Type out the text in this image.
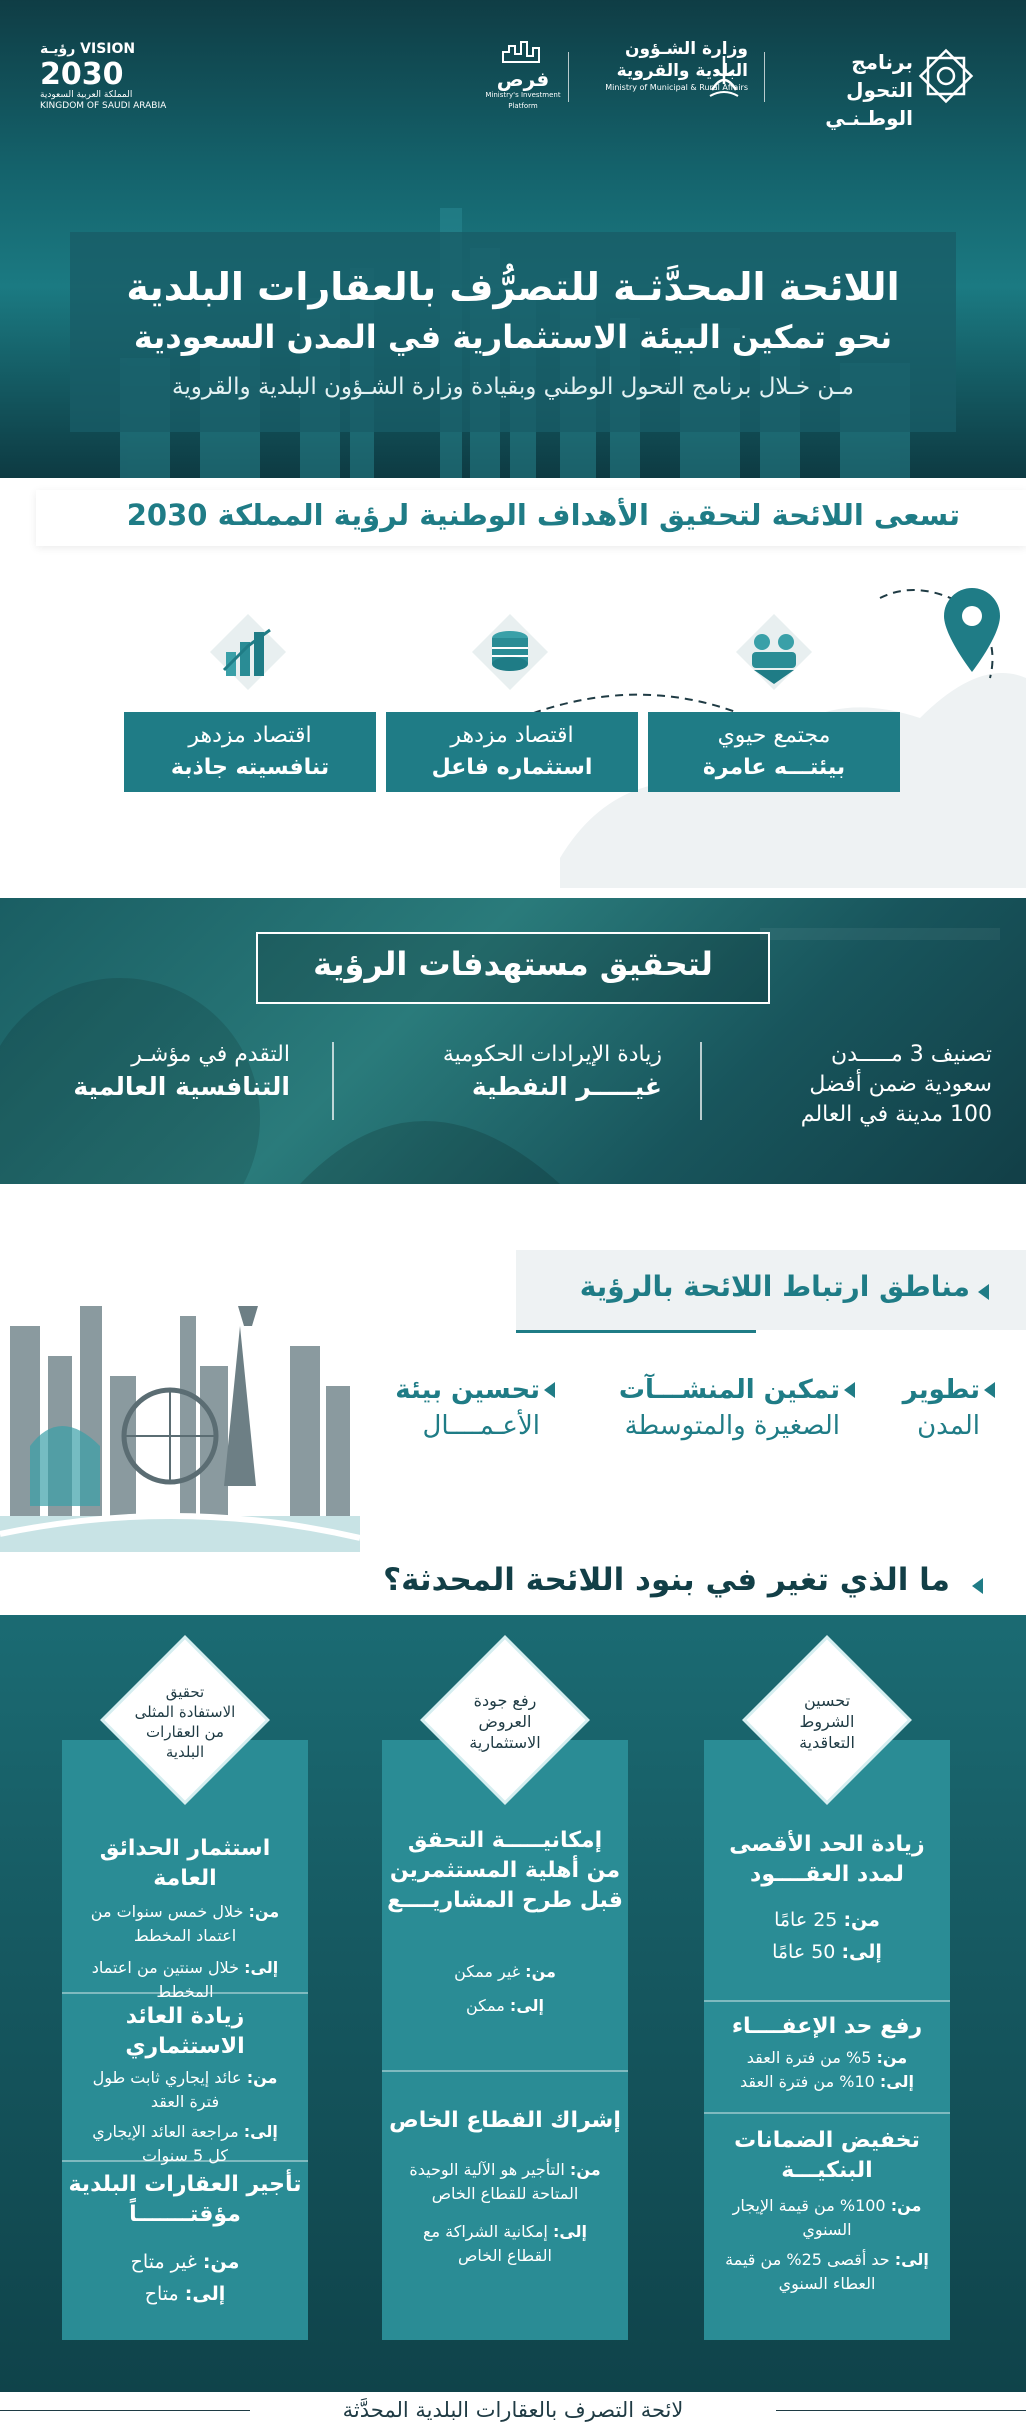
VISION رؤيـة
2030
المملكة العربية السعودية
KINGDOM OF SAUDI ARABIA
فرص
Ministry's Investment Platform
وزارة الشـؤون
البلدية والقروية
Ministry of Municipal & Rural Affairs
برنامج التحول
الوطـنـي
اللائحة المحدَّثـة للتصرُّف بالعقارات البلدية
نحو تمكين البيئة الاستثمارية في المدن السعودية
مـن خـلال برنامج التحول الوطني وبقيادة وزارة الشـؤون البلدية والقروية
تسعى اللائحة لتحقيق الأهداف الوطنية لرؤية المملكة 2030
مجتمع حيوي
بيئتـــه عامرة
اقتصاد مزدهر
استثماره فاعل
اقتصاد مزدهر
تنافسيته جاذبة
لتحقيق مستهدفات الرؤية
تصنيف 3 مـــــدن
سعودية ضمن أفضل
100 مدينة في العالم
زيادة الإيرادات الحكومية
غيـــــر النفطية
التقدم في مؤشـر
التنافسية العالمية
مناطق ارتباط اللائحة بالرؤية
تطوير
المدن
تمكين المنشـــآت
الصغيرة والمتوسطة
تحسين بيئة
الأعـمــــال
ما الذي تغير في بنود اللائحة المحدثة؟
تحسين
الشروط
التعاقدية
زيادة الحد الأقصى
لمدد العقــــود
من: 25 عامًا
إلى: 50 عامًا
رفع حد الإعفــــاء
من: 5% من فترة العقد
إلى: 10% من فترة العقد
تخفيض الضمانات
البنكيـــة
من: 100% من قيمة الإيجار السنوي
إلى: حد أقصى 25% من قيمة العطاء السنوي
رفع جودة
العروض
الاستثمارية
إمكانيـــــة التحقق
من أهلية المستثمرين
قبل طرح المشاريــــع
من: غير ممكن
إلى: ممكن
إشراك القطاع الخاص
من: التأجير هو الآلية الوحيدة المتاحة للقطاع الخاص
إلى: إمكانية الشراكة مع القطاع الخاص
تحقيق
الاستفادة المثلى
من العقارات
البلدية
استثمار الحدائق العامة
من: خلال خمس سنوات من اعتماد المخطط
إلى: خلال سنتين من اعتماد المخطط
زيادة العائد الاستثماري
من: عائد إيجاري ثابت طول فترة العقد
إلى: مراجعة العائد الإيجاري كل 5 سنوات
تأجير العقارات البلدية
مؤقتـــــــاً
من: غير متاح
إلى: متاح
لائحة التصرف بالعقارات البلدية المحدَّثة
